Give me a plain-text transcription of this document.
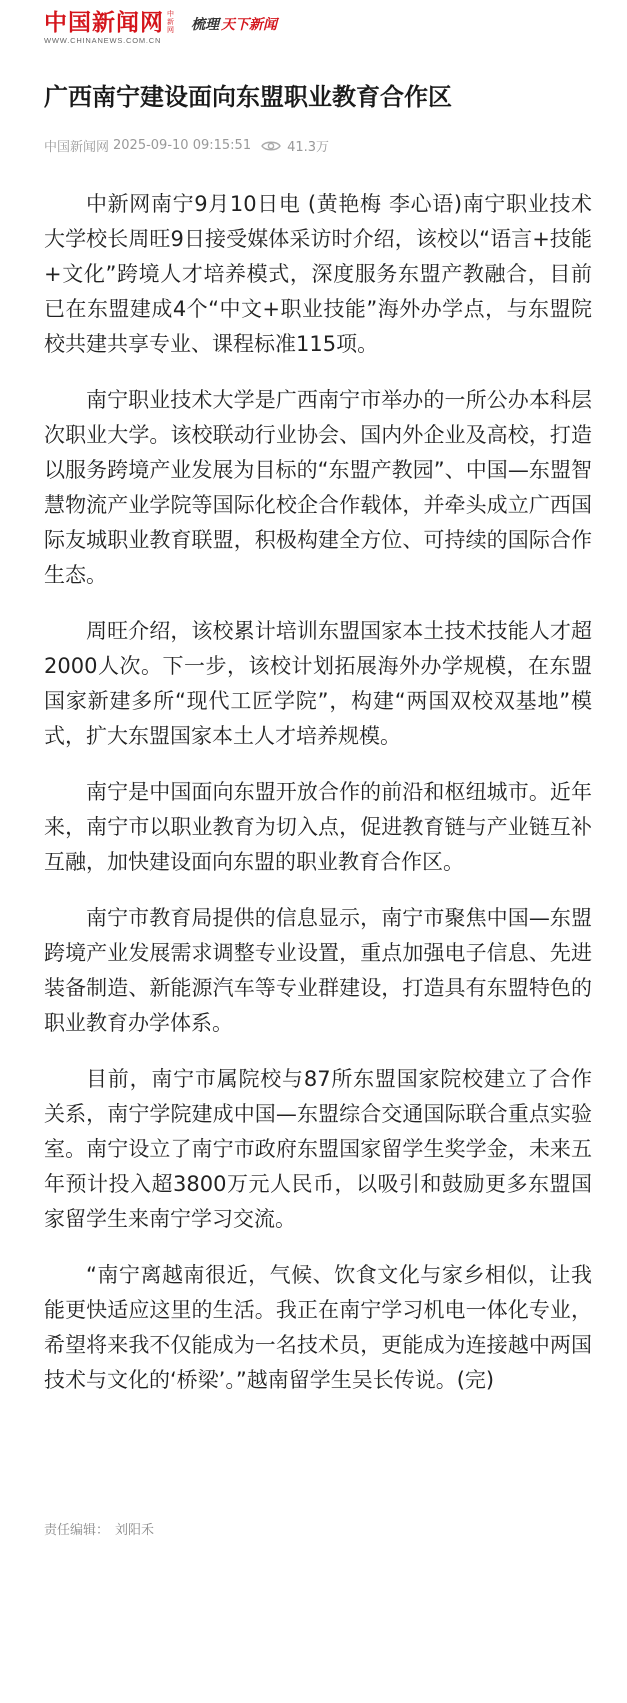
中国新闻网 中新网
WWW.CHINANEWS.COM.CN
梳理 天下新闻
广西南宁建设面向东盟职业教育合作区
中国新闻网 2025-09-10 09:15:51	41.3万

中新网南宁9月10日电 (黄艳梅 李心语)南宁职业技术大学校长周旺9日接受媒体采访时介绍，该校以“语言+技能+文化”跨境人才培养模式，深度服务东盟产教融合，目前已在东盟建成4个“中文+职业技能”海外办学点，与东盟院校共建共享专业、课程标准115项。

南宁职业技术大学是广西南宁市举办的一所公办本科层次职业大学。该校联动行业协会、国内外企业及高校，打造以服务跨境产业发展为目标的“东盟产教园”、中国—东盟智慧物流产业学院等国际化校企合作载体，并牵头成立广西国际友城职业教育联盟，积极构建全方位、可持续的国际合作生态。

周旺介绍，该校累计培训东盟国家本土技术技能人才超2000人次。下一步，该校计划拓展海外办学规模，在东盟国家新建多所“现代工匠学院”，构建“两国双校双基地”模式，扩大东盟国家本土人才培养规模。

南宁是中国面向东盟开放合作的前沿和枢纽城市。近年来，南宁市以职业教育为切入点，促进教育链与产业链互补互融，加快建设面向东盟的职业教育合作区。

南宁市教育局提供的信息显示，南宁市聚焦中国—东盟跨境产业发展需求调整专业设置，重点加强电子信息、先进装备制造、新能源汽车等专业群建设，打造具有东盟特色的职业教育办学体系。

目前，南宁市属院校与87所东盟国家院校建立了合作关系，南宁学院建成中国—东盟综合交通国际联合重点实验室。南宁设立了南宁市政府东盟国家留学生奖学金，未来五年预计投入超3800万元人民币，以吸引和鼓励更多东盟国家留学生来南宁学习交流。

“南宁离越南很近，气候、饮食文化与家乡相似，让我能更快适应这里的生活。我正在南宁学习机电一体化专业，希望将来我不仅能成为一名技术员，更能成为连接越中两国技术与文化的‘桥梁’。”越南留学生吴长传说。(完)

责任编辑： 刘阳禾
